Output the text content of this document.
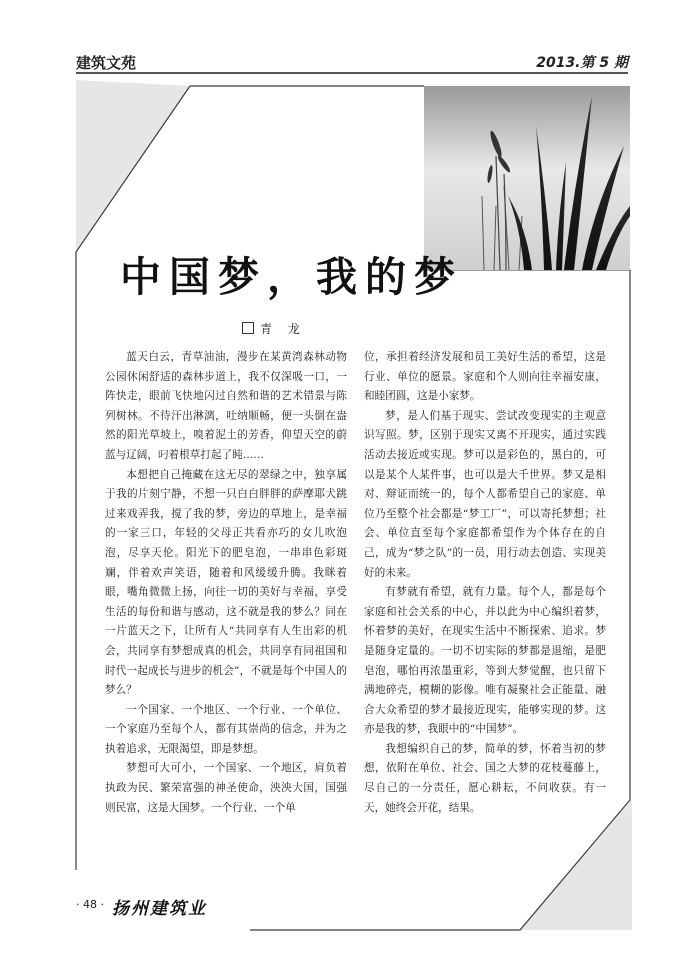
建筑文苑	2013.第 5 期
中国梦，我的梦
青 龙

蓝天白云，青草油油，漫步在某黄湾森林动物公园休闲舒适的森林步道上，我不仅深吸一口，一阵快走，眼前飞快地闪过自然和谐的艺术错景与陈列树林。不待汗出淋漓，吐纳顺畅，便一头倒在盎然的阳光草坡上，嗅着泥土的芳香，仰望天空的蔚蓝与辽阔，叼着根草打起了盹……

本想把自己掩藏在这无尽的翠绿之中，独享属于我的片刻宁静，不想一只白白胖胖的萨摩耶犬跳过来戏弄我，搅了我的梦，旁边的草地上，是幸福的一家三口，年轻的父母正共看亦巧的女儿吹泡泡，尽享天伦。阳光下的肥皂泡，一串串色彩斑斓，伴着欢声笑语，随着和风缓缓升腾。我眯着眼，嘴角微微上扬，向往一切的美好与幸福，享受生活的每份和谐与感动，这不就是我的梦么？同在一片蓝天之下，让所有人“共同享有人生出彩的机会，共同享有梦想成真的机会，共同享有同祖国和时代一起成长与进步的机会”，不就是每个中国人的梦么？

一个国家、一个地区、一个行业、一个单位、一个家庭乃至每个人，都有其崇尚的信念，并为之执着追求，无限渴望，即是梦想。

梦想可大可小，一个国家、一个地区，肩负着执政为民、繁荣富强的神圣使命，泱泱大国，国强则民富，这是大国梦。一个行业、一个单

位，承担着经济发展和员工美好生活的希望，这是行业、单位的愿景。家庭和个人则向往幸福安康，和睦团圆，这是小家梦。

梦，是人们基于现实、尝试改变现实的主观意识写照。梦，区别于现实又离不开现实，通过实践活动去接近或实现。梦可以是彩色的，黑白的，可以是某个人某件事，也可以是大千世界。梦又是相对、辩证而统一的，每个人都希望自己的家庭、单位乃至整个社会都是“梦工厂”，可以寄托梦想；社会、单位直至每个家庭都希望作为个体存在的自己，成为“梦之队”的一员，用行动去创造、实现美好的未来。

有梦就有希望，就有力量。每个人，都是每个家庭和社会关系的中心，并以此为中心编织着梦，怀着梦的美好，在现实生活中不断探索、追求。梦是随身定量的。一切不切实际的梦都是退缩，是肥皂泡，哪怕再浓墨重彩，等到大梦觉醒，也只留下满地碎壳，模糊的影像。唯有凝聚社会正能量、融合大众希望的梦才最接近现实，能够实现的梦。这亦是我的梦，我眼中的“中国梦”。

我想编织自己的梦，简单的梦，怀着当初的梦想，依附在单位、社会、国之大梦的花枝蔓藤上，尽自己的一分责任，愿心耕耘，不问收获。有一天，她终会开花，结果。

· 48 · 扬州建筑业
